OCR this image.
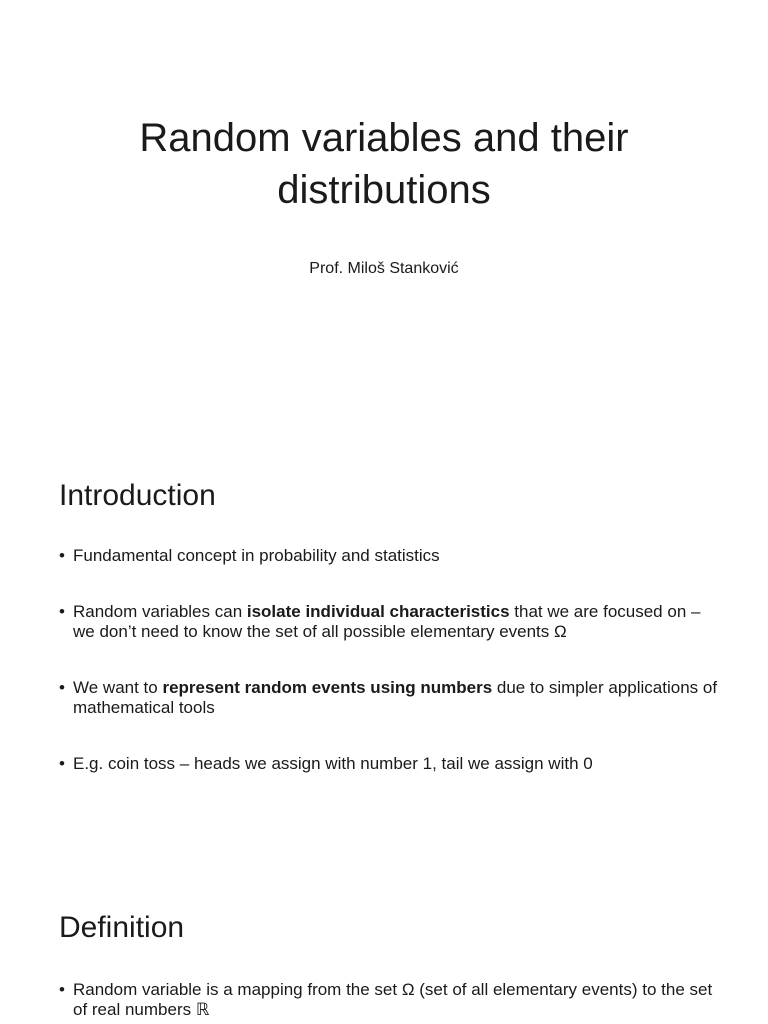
Random variables and their
distributions

Prof. Miloš Stanković

Introduction
• Fundamental concept in probability and statistics
• Random variables can isolate individual characteristics that we are focused on – we don’t need to know the set of all possible elementary events Ω
• We want to represent random events using numbers due to simpler applications of mathematical tools
• E.g. coin toss – heads we assign with number 1, tail we assign with 0
Definition
• Random variable is a mapping from the set Ω (set of all elementary events) to the set of real numbers ℝ
